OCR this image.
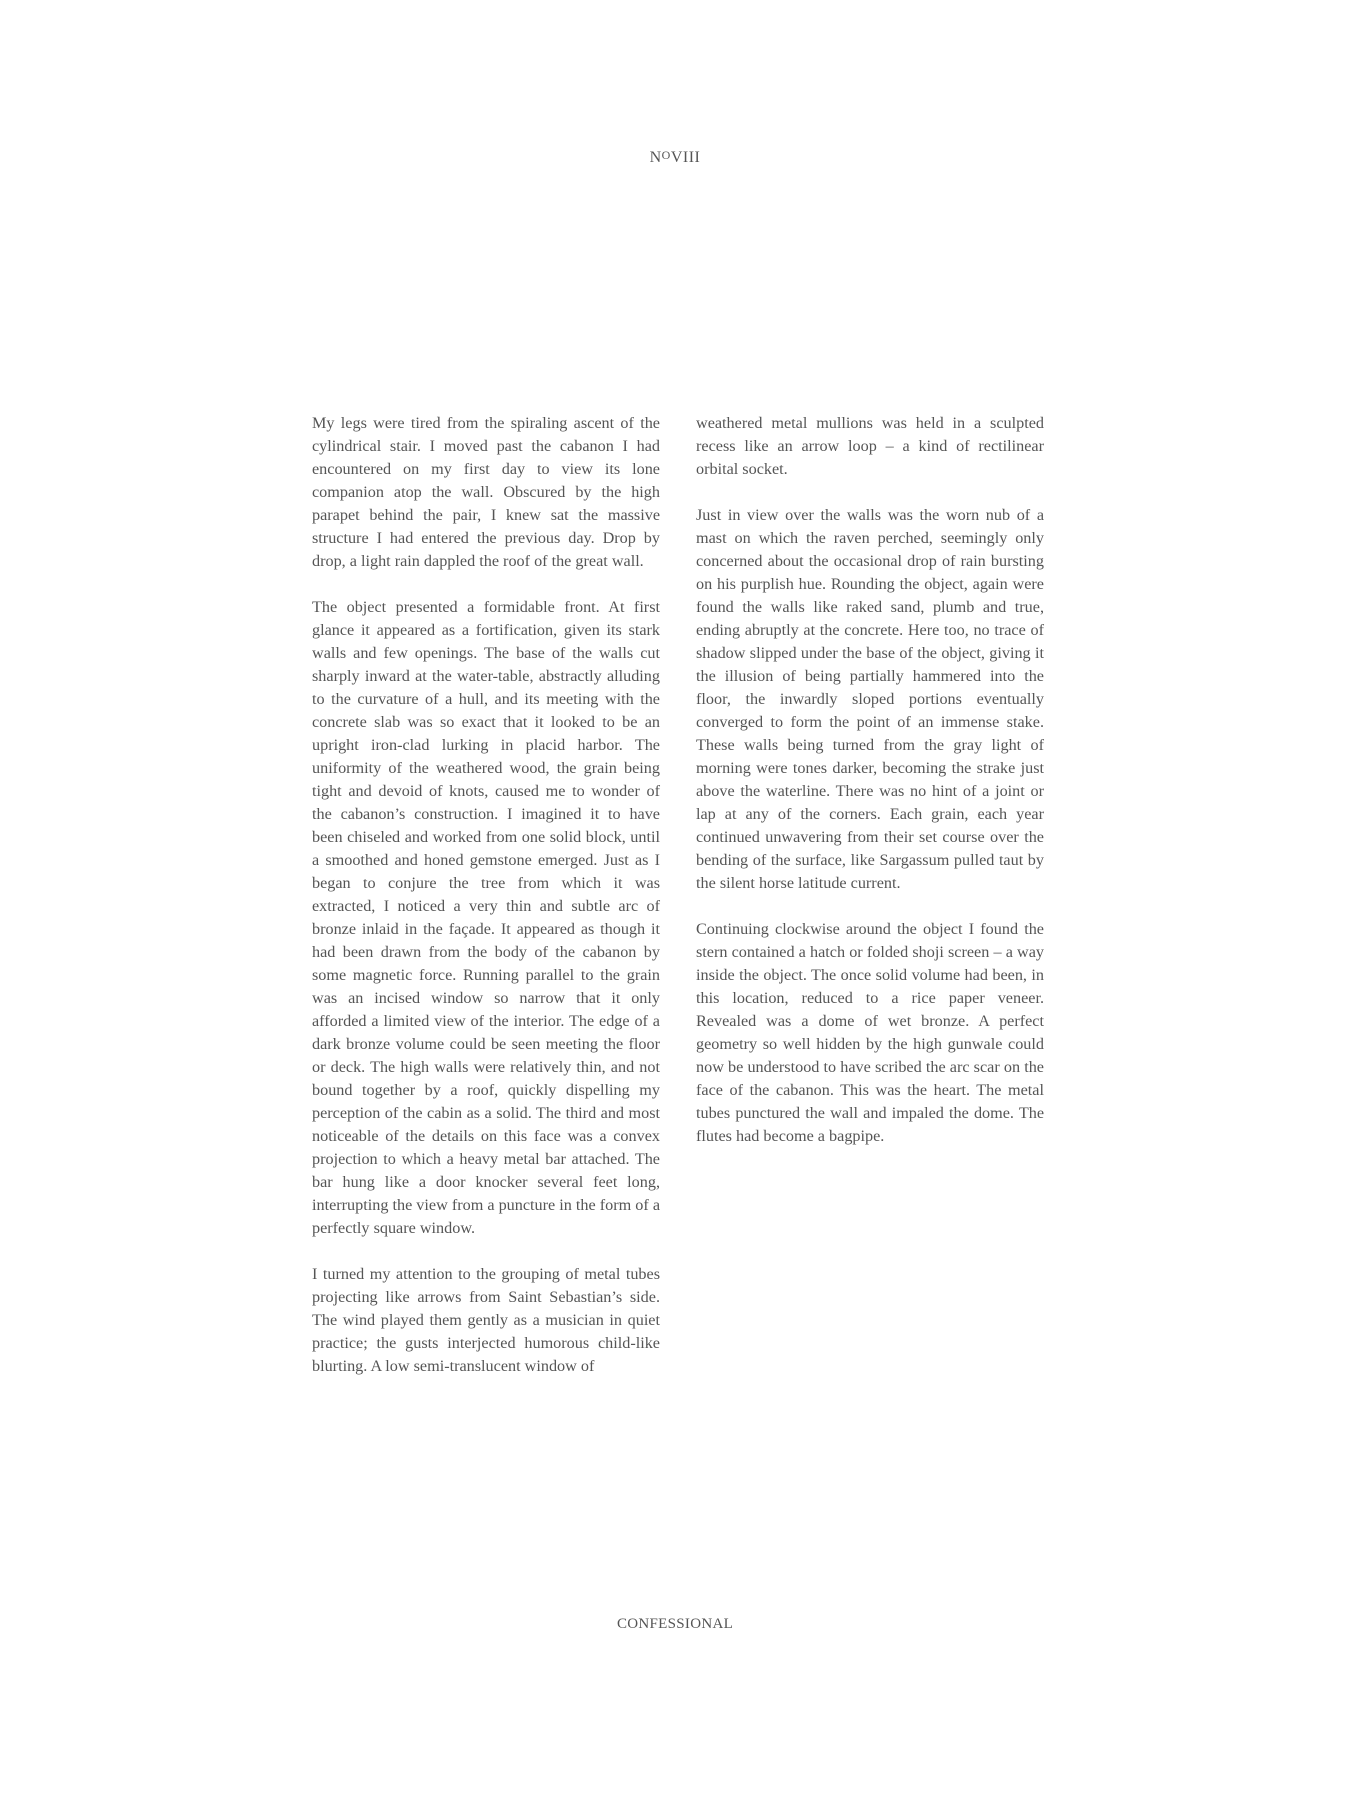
$N^OVIII$

My legs were tired from the spiraling ascent of the cylindrical stair. I moved past the cabanon I had encountered on my first day to view its lone companion atop the wall. Obscured by the high parapet behind the pair, I knew sat the massive structure I had entered the previous day. Drop by drop, a light rain dappled the roof of the great wall.

The object presented a formidable front. At first glance it appeared as a fortification, given its stark walls and few openings. The base of the walls cut sharply inward at the water-table, abstractly alluding to the curvature of a hull, and its meeting with the concrete slab was so exact that it looked to be an upright iron-clad lurking in placid harbor. The uniformity of the weathered wood, the grain being tight and devoid of knots, caused me to wonder of the cabanon’s construction. I imagined it to have been chiseled and worked from one solid block, until a smoothed and honed gemstone emerged. Just as I began to conjure the tree from which it was extracted, I noticed a very thin and subtle arc of bronze inlaid in the façade. It appeared as though it had been drawn from the body of the cabanon by some magnetic force. Running parallel to the grain was an incised window so narrow that it only afforded a limited view of the interior. The edge of a dark bronze volume could be seen meeting the floor or deck. The high walls were relatively thin, and not bound together by a roof, quickly dispelling my perception of the cabin as a solid. The third and most noticeable of the details on this face was a convex projection to which a heavy metal bar attached. The bar hung like a door knocker several feet long, interrupting the view from a puncture in the form of a perfectly square window.

I turned my attention to the grouping of metal tubes projecting like arrows from Saint Sebastian’s side. The wind played them gently as a musician in quiet practice; the gusts interjected humorous child-like blurting. A low semi-translucent window of

weathered metal mullions was held in a sculpted recess like an arrow loop – a kind of rectilinear orbital socket.

Just in view over the walls was the worn nub of a mast on which the raven perched, seemingly only concerned about the occasional drop of rain bursting on his purplish hue. Rounding the object, again were found the walls like raked sand, plumb and true, ending abruptly at the concrete. Here too, no trace of shadow slipped under the base of the object, giving it the illusion of being partially hammered into the floor, the inwardly sloped portions eventually converged to form the point of an immense stake. These walls being turned from the gray light of morning were tones darker, becoming the strake just above the waterline. There was no hint of a joint or lap at any of the corners. Each grain, each year continued unwavering from their set course over the bending of the surface, like Sargassum pulled taut by the silent horse latitude current.

Continuing clockwise around the object I found the stern contained a hatch or folded shoji screen – a way inside the object. The once solid volume had been, in this location, reduced to a rice paper veneer. Revealed was a dome of wet bronze. A perfect geometry so well hidden by the high gunwale could now be understood to have scribed the arc scar on the face of the cabanon. This was the heart. The metal tubes punctured the wall and impaled the dome. The flutes had become a bagpipe.

CONFESSIONAL
